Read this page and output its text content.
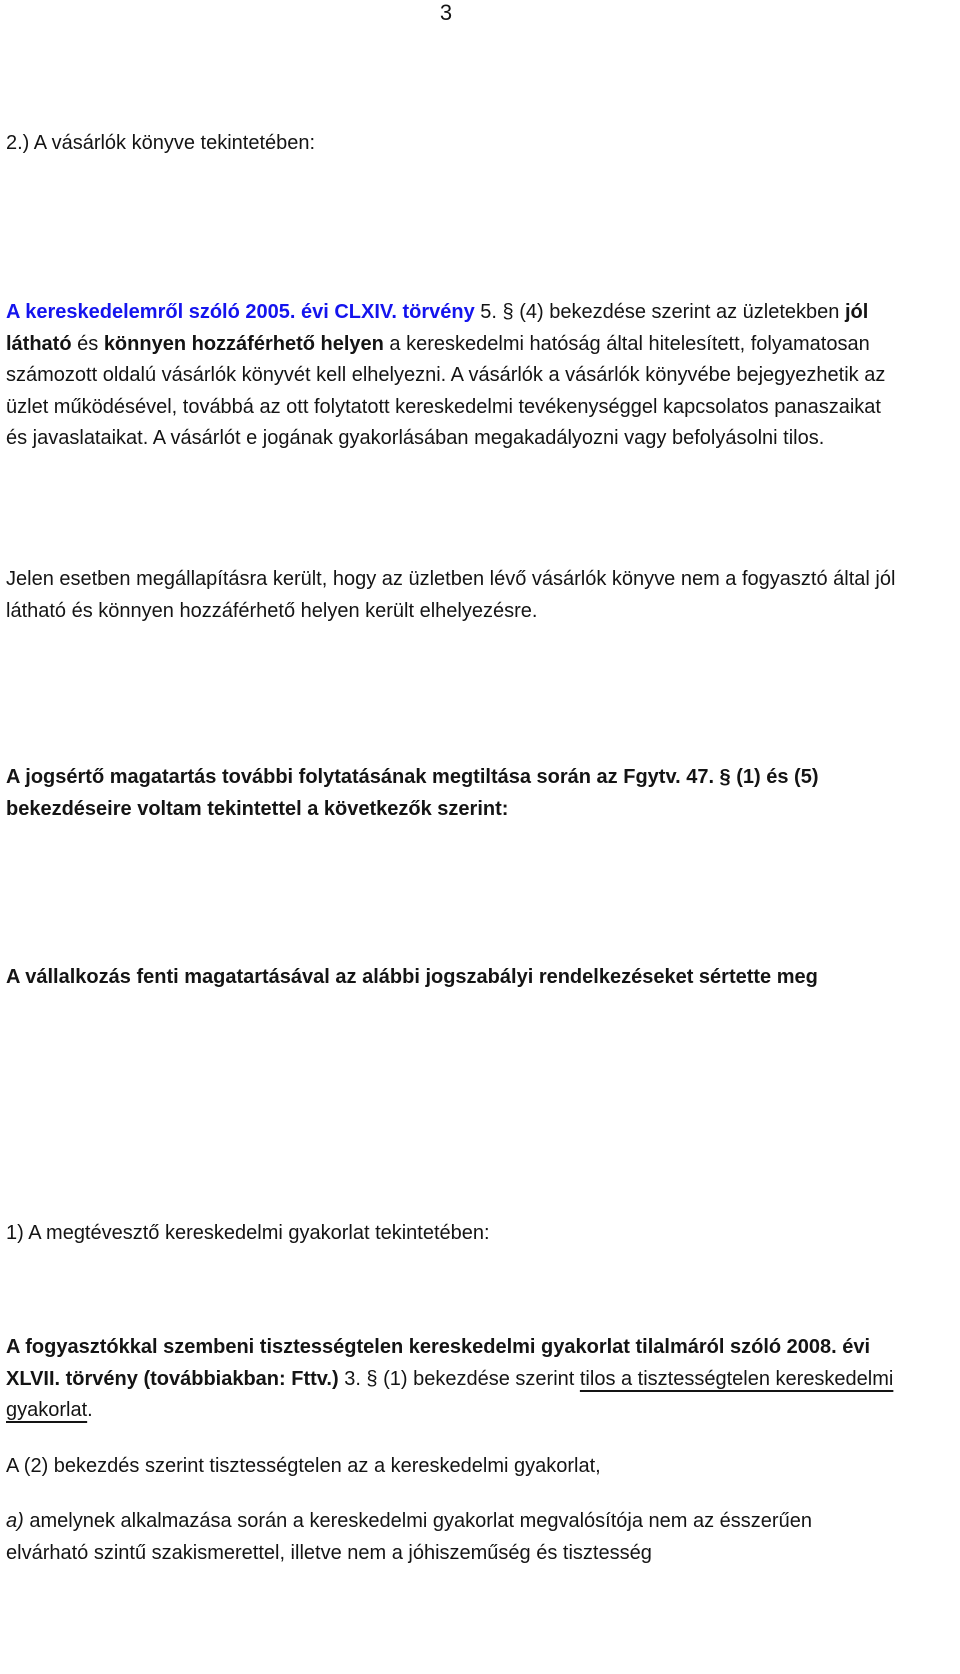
3

2.) A vásárlók könyve tekintetében:

A kereskedelemről szóló 2005. évi CLXIV. törvény 5. § (4) bekezdése szerint az üzletekben jól látható és könnyen hozzáférhető helyen a kereskedelmi hatóság által hitelesített, folyamatosan számozott oldalú vásárlók könyvét kell elhelyezni. A vásárlók a vásárlók könyvébe bejegyezhetik az üzlet működésével, továbbá az ott folytatott kereskedelmi tevékenységgel kapcsolatos panaszaikat és javaslataikat. A vásárlót e jogának gyakorlásában megakadályozni vagy befolyásolni tilos.

Jelen esetben megállapításra került, hogy az üzletben lévő vásárlók könyve nem a fogyasztó által jól látható és könnyen hozzáférhető helyen került elhelyezésre.

A jogsértő magatartás további folytatásának megtiltása során az Fgytv. 47. § (1) és (5) bekezdéseire voltam tekintettel a következők szerint:

A vállalkozás fenti magatartásával az alábbi jogszabályi rendelkezéseket sértette meg

1) A megtévesztő kereskedelmi gyakorlat tekintetében:

A fogyasztókkal szembeni tisztességtelen kereskedelmi gyakorlat tilalmáról szóló 2008. évi XLVII. törvény (továbbiakban: Fttv.) 3. § (1) bekezdése szerint tilos a tisztességtelen kereskedelmi gyakorlat.

A (2) bekezdés szerint tisztességtelen az a kereskedelmi gyakorlat,

a) amelynek alkalmazása során a kereskedelmi gyakorlat megvalósítója nem az ésszerűen elvárható szintű szakismerettel, illetve nem a jóhiszeműség és tisztesség
